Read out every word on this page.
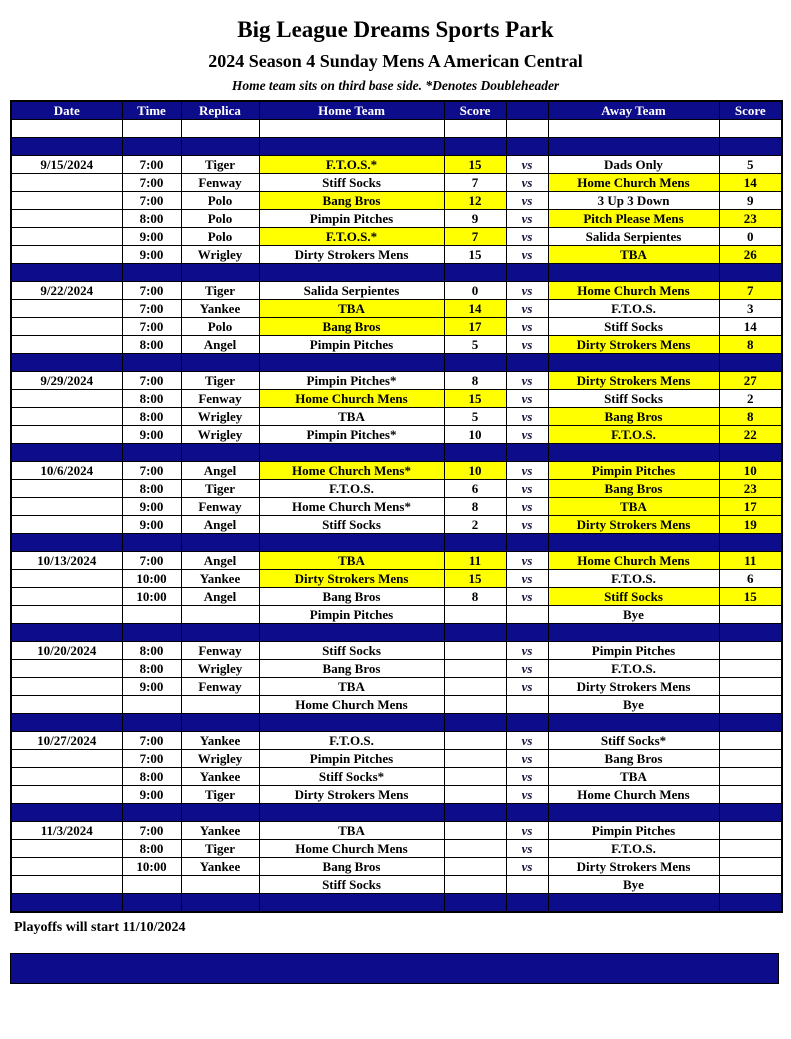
Big League Dreams Sports Park
2024 Season 4 Sunday Mens A American Central
Home team sits on third base side. *Denotes Doubleheader
Date	Time	Replica	Home Team	Score		Away Team	Score

9/15/2024	7:00	Tiger	F.T.O.S.*	15	vs	Dads Only	5
	7:00	Fenway	Stiff Socks	7	vs	Home Church Mens	14
	7:00	Polo	Bang Bros	12	vs	3 Up 3 Down	9
	8:00	Polo	Pimpin Pitches	9	vs	Pitch Please Mens	23
	9:00	Polo	F.T.O.S.*	7	vs	Salida Serpientes	0
	9:00	Wrigley	Dirty Strokers Mens	15	vs	TBA	26

9/22/2024	7:00	Tiger	Salida Serpientes	0	vs	Home Church Mens	7
	7:00	Yankee	TBA	14	vs	F.T.O.S.	3
	7:00	Polo	Bang Bros	17	vs	Stiff Socks	14
	8:00	Angel	Pimpin Pitches	5	vs	Dirty Strokers Mens	8

9/29/2024	7:00	Tiger	Pimpin Pitches*	8	vs	Dirty Strokers Mens	27
	8:00	Fenway	Home Church Mens	15	vs	Stiff Socks	2
	8:00	Wrigley	TBA	5	vs	Bang Bros	8
	9:00	Wrigley	Pimpin Pitches*	10	vs	F.T.O.S.	22

10/6/2024	7:00	Angel	Home Church Mens*	10	vs	Pimpin Pitches	10
	8:00	Tiger	F.T.O.S.	6	vs	Bang Bros	23
	9:00	Fenway	Home Church Mens*	8	vs	TBA	17
	9:00	Angel	Stiff Socks	2	vs	Dirty Strokers Mens	19

10/13/2024	7:00	Angel	TBA	11	vs	Home Church Mens	11
	10:00	Yankee	Dirty Strokers Mens	15	vs	F.T.O.S.	6
	10:00	Angel	Bang Bros	8	vs	Stiff Socks	15
			Pimpin Pitches			Bye	

10/20/2024	8:00	Fenway	Stiff Socks		vs	Pimpin Pitches	
	8:00	Wrigley	Bang Bros		vs	F.T.O.S.	
	9:00	Fenway	TBA		vs	Dirty Strokers Mens	
			Home Church Mens			Bye	

10/27/2024	7:00	Yankee	F.T.O.S.		vs	Stiff Socks*	
	7:00	Wrigley	Pimpin Pitches		vs	Bang Bros	
	8:00	Yankee	Stiff Socks*		vs	TBA	
	9:00	Tiger	Dirty Strokers Mens		vs	Home Church Mens	

11/3/2024	7:00	Yankee	TBA		vs	Pimpin Pitches	
	8:00	Tiger	Home Church Mens		vs	F.T.O.S.	
	10:00	Yankee	Bang Bros		vs	Dirty Strokers Mens	
			Stiff Socks			Bye	

Playoffs will start 11/10/2024
